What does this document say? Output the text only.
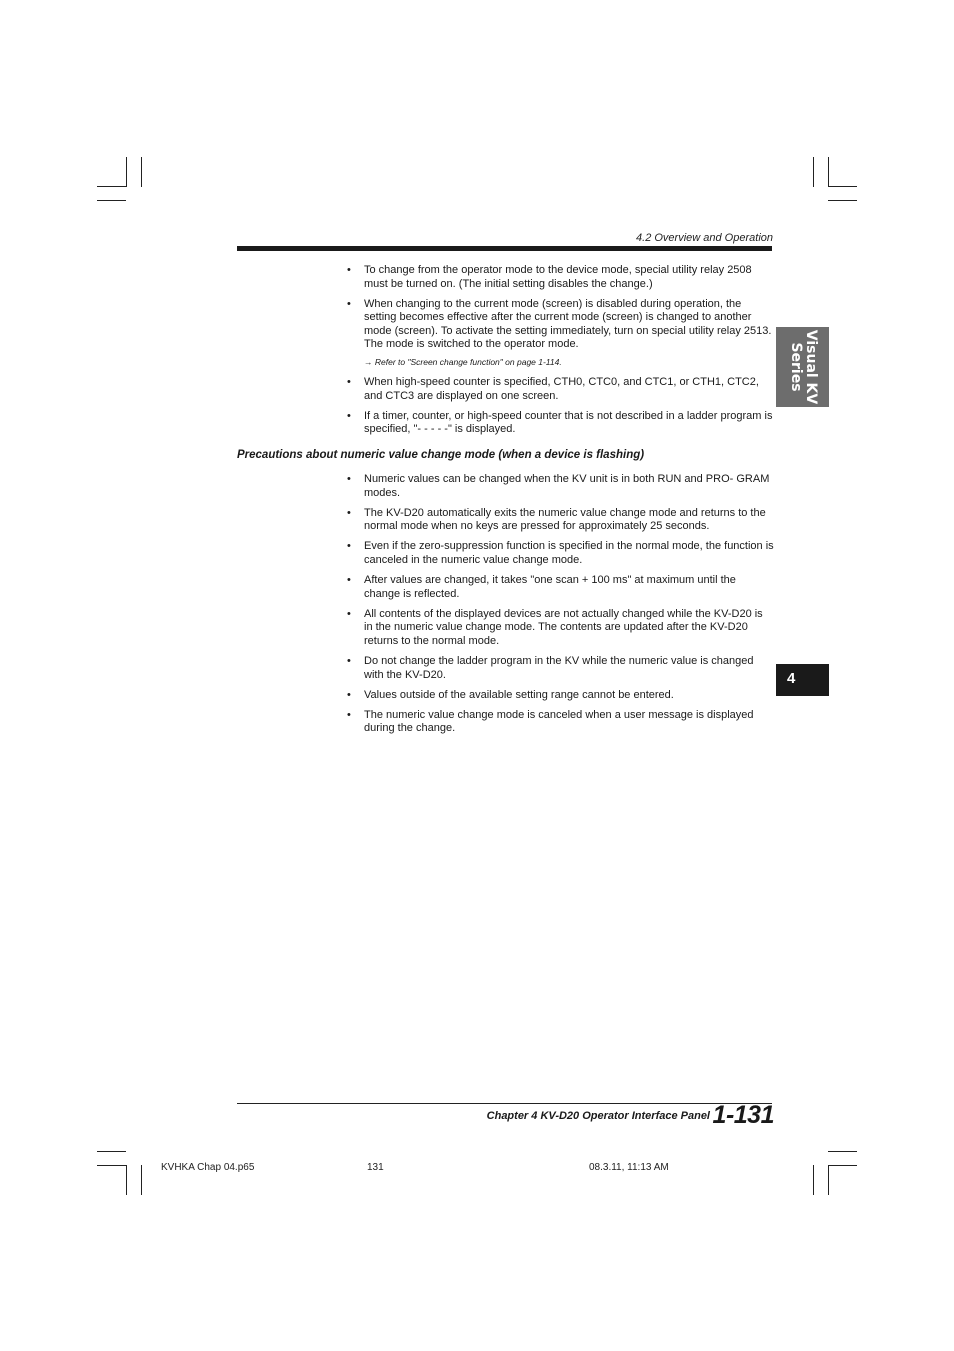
4.2 Overview and Operation
Visual KV
Series
4
• To change from the operator mode to the device mode, special utility relay 2508 must be turned on. (The initial setting disables the change.)
• When changing to the current mode (screen) is disabled during operation, the setting becomes effective after the current mode (screen) is changed to another mode (screen). To activate the setting immediately, turn on special utility relay 2513. The mode is switched to the operator mode.
→ Refer to "Screen change function" on page 1-114.
• When high-speed counter is specified, CTH0, CTC0, and CTC1, or CTH1, CTC2, and CTC3 are displayed on one screen.
• If a timer, counter, or high-speed counter that is not described in a ladder program is specified, "- - - - -" is displayed.
Precautions about numeric value change mode (when a device is flashing)
• Numeric values can be changed when the KV unit is in both RUN and PRO- GRAM modes.
• The KV-D20 automatically exits the numeric value change mode and returns to the normal mode when no keys are pressed for approximately 25 seconds.
• Even if the zero-suppression function is specified in the normal mode, the function is canceled in the numeric value change mode.
• After values are changed, it takes "one scan + 100 ms" at maximum until the change is reflected.
• All contents of the displayed devices are not actually changed while the KV-D20 is in the numeric value change mode. The contents are updated after the KV-D20 returns to the normal mode.
• Do not change the ladder program in the KV while the numeric value is changed with the KV-D20.
• Values outside of the available setting range cannot be entered.
• The numeric value change mode is canceled when a user message is displayed during the change.
Chapter 4 KV-D20 Operator Interface Panel 1-131
KVHKA Chap 04.p65	131	08.3.11, 11:13 AM
